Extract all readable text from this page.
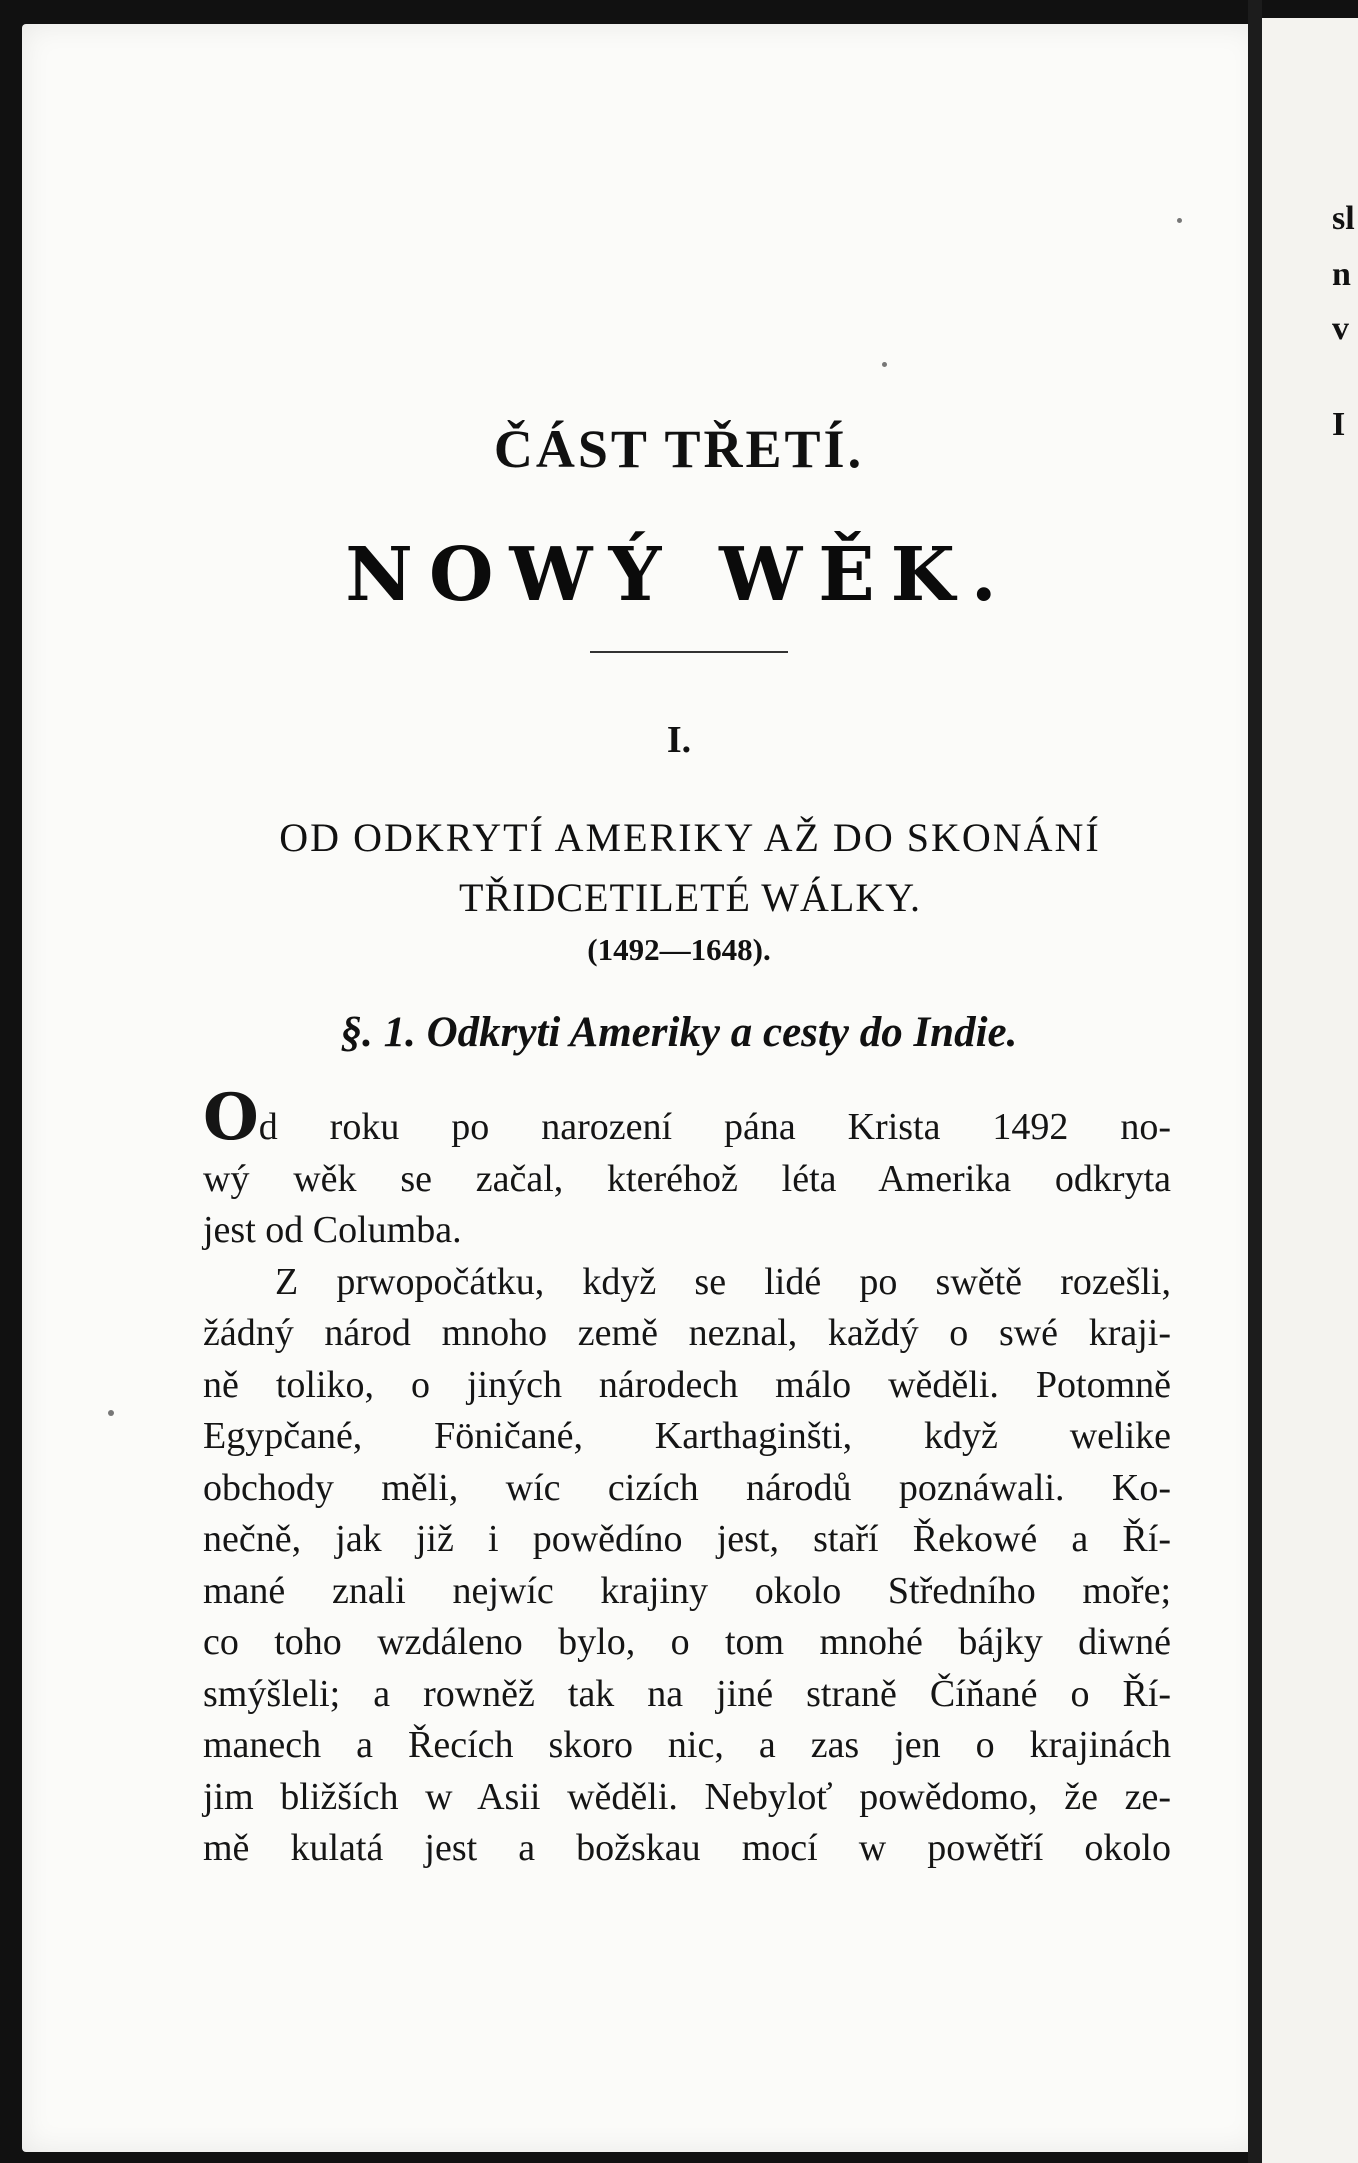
sl
n
v
I
ČÁST TŘETÍ.
NOWÝ WĚK.
I.
OD ODKRYTÍ AMERIKY AŽ DO SKONÁNÍ
TŘIDCETILETÉ WÁLKY.
(1492—1648).
§. 1. Odkryti Ameriky a cesty do Indie.
Od roku po narození pána Krista 1492 no-
wý wěk se začal, kteréhož léta Amerika odkryta
jest od Columba.
Z prwopočátku, když se lidé po swětě rozešli,
žádný národ mnoho země neznal, každý o swé kraji-
ně toliko, o jiných národech málo wěděli. Potomně
Egypčané, Föničané, Karthaginšti, když welike
obchody měli, wíc cizích národů poznáwali. Ko-
nečně, jak již i powědíno jest, staří Řekowé a Ří-
mané znali nejwíc krajiny okolo Středního moře;
co toho wzdáleno bylo, o tom mnohé bájky diwné
smýšleli; a rowněž tak na jiné straně Číňané o Ří-
manech a Řecích skoro nic, a zas jen o krajinách
jim bližších w Asii wěděli. Nebyloť powědomo, že ze-
mě kulatá jest a božskau mocí w powětří okolo
